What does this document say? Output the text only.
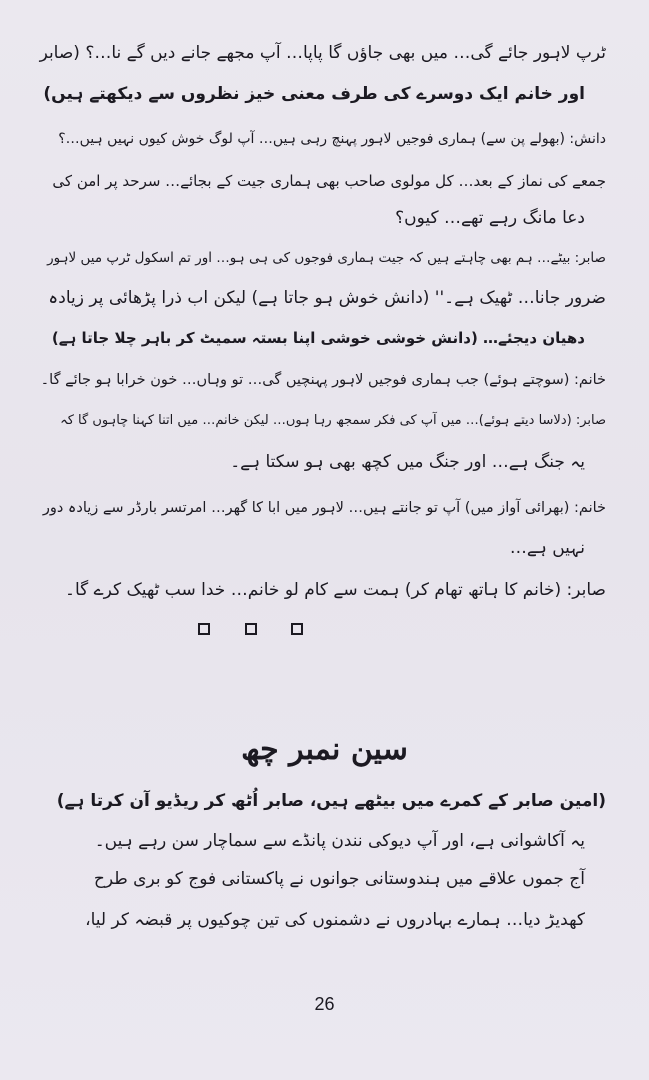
ٹرپ لاہور جائے گی… میں بھی جاؤں گا پاپا… آپ مجھے جانے دیں گے نا…؟ (صابر
اور خانم ایک دوسرے کی طرف معنی خیز نظروں سے دیکھتے ہیں)
دانش: (بھولے پن سے) ہماری فوجیں لاہور پہنچ رہی ہیں… آپ لوگ خوش کیوں نہیں ہیں…؟
جمعے کی نماز کے بعد… کل مولوی صاحب بھی ہماری جیت کے بجائے… سرحد پر امن کی
دعا مانگ رہے تھے… کیوں؟
صابر: بیٹے… ہم بھی چاہتے ہیں کہ جیت ہماری فوجوں کی ہی ہو… اور تم اسکول ٹرپ میں لاہور
ضرور جانا… ٹھیک ہے۔'' (دانش خوش ہو جاتا ہے) لیکن اب ذرا پڑھائی پر زیادہ
دھیان دیجئے… (دانش خوشی خوشی اپنا بستہ سمیٹ کر باہر چلا جاتا ہے)
خانم: (سوچتے ہوئے) جب ہماری فوجیں لاہور پہنچیں گی… تو وہاں… خون خرابا ہو جائے گا۔
صابر: (دلاسا دیتے ہوئے)… میں آپ کی فکر سمجھ رہا ہوں… لیکن خانم… میں اتنا کہنا چاہوں گا کہ
یہ جنگ ہے… اور جنگ میں کچھ بھی ہو سکتا ہے۔
خانم: (بھرائی آواز میں) آپ تو جانتے ہیں… لاہور میں ابا کا گھر… امرتسر بارڈر سے زیادہ دور
نہیں ہے…
صابر: (خانم کا ہاتھ تھام کر) ہمت سے کام لو خانم… خدا سب ٹھیک کرے گا۔
(امین صابر کے کمرے میں بیٹھے ہیں، صابر اُٹھ کر ریڈیو آن کرتا ہے)
یہ آکاشوانی ہے، اور آپ دیوکی نندن پانڈے سے سماچار سن رہے ہیں۔
آج جموں علاقے میں ہندوستانی جوانوں نے پاکستانی فوج کو بری طرح
کھدیڑ دیا… ہمارے بہادروں نے دشمنوں کی تین چوکیوں پر قبضہ کر لیا،
سین نمبر چھ
26
